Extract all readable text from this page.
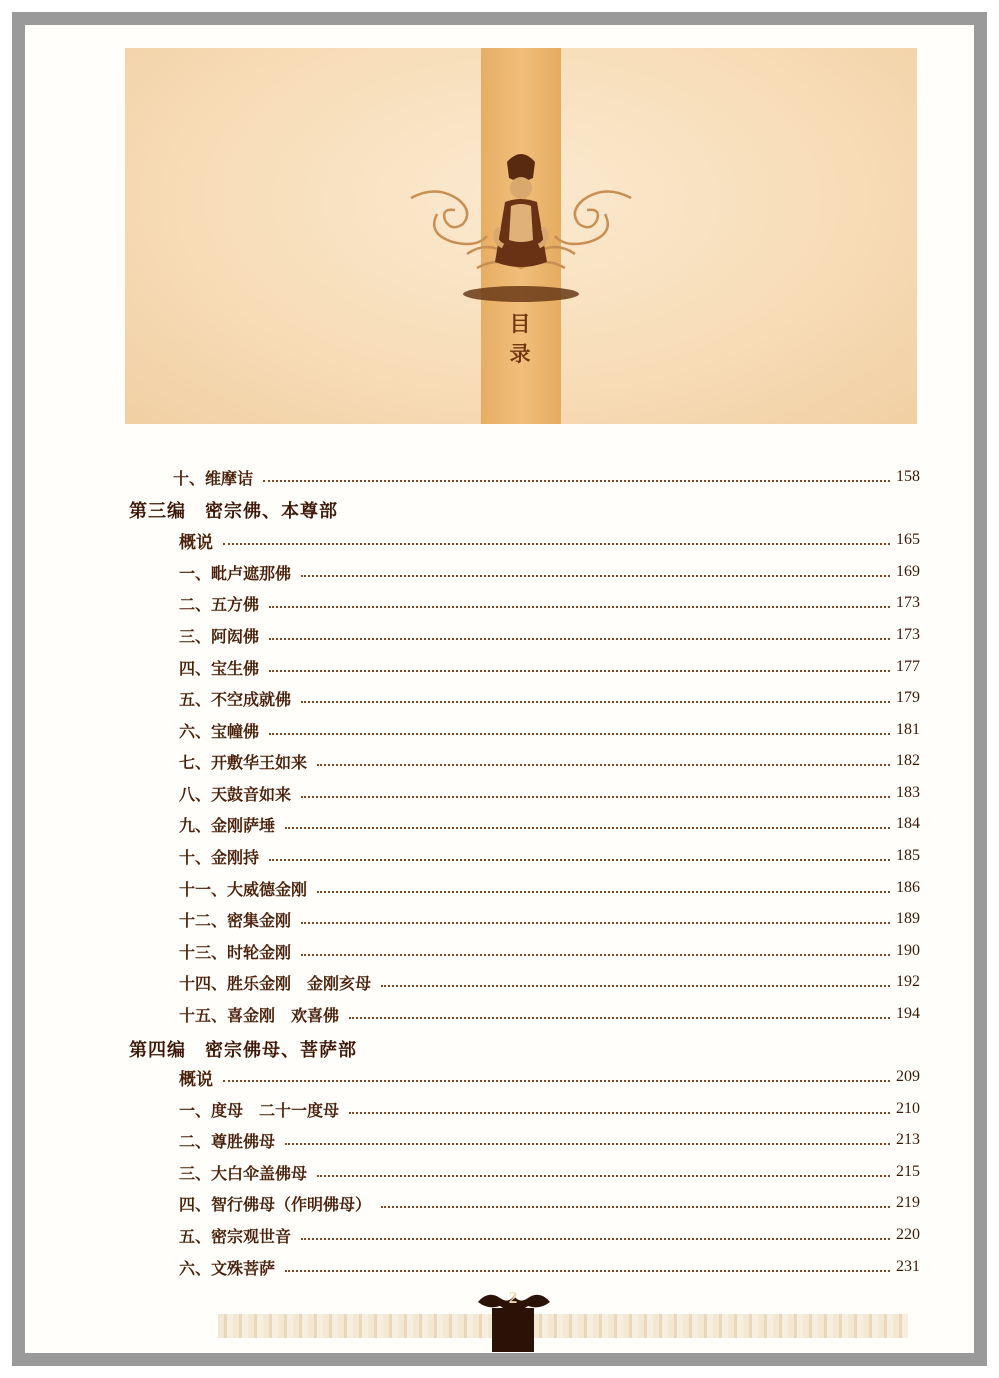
目 录
十、维摩诘	158
第三编　密宗佛、本尊部
概说	165
一、毗卢遮那佛	169
二、五方佛	173
三、阿闳佛	173
四、宝生佛	177
五、不空成就佛	179
六、宝幢佛	181
七、开敷华王如来	182
八、天鼓音如来	183
九、金刚萨埵	184
十、金刚持	185
十一、大威德金刚	186
十二、密集金刚	189
十三、时轮金刚	190
十四、胜乐金刚　金刚亥母	192
十五、喜金刚　欢喜佛	194
第四编　密宗佛母、菩萨部
概说	209
一、度母　二十一度母	210
二、尊胜佛母	213
三、大白伞盖佛母	215
四、智行佛母（作明佛母）	219
五、密宗观世音	220
六、文殊菩萨	231
2
